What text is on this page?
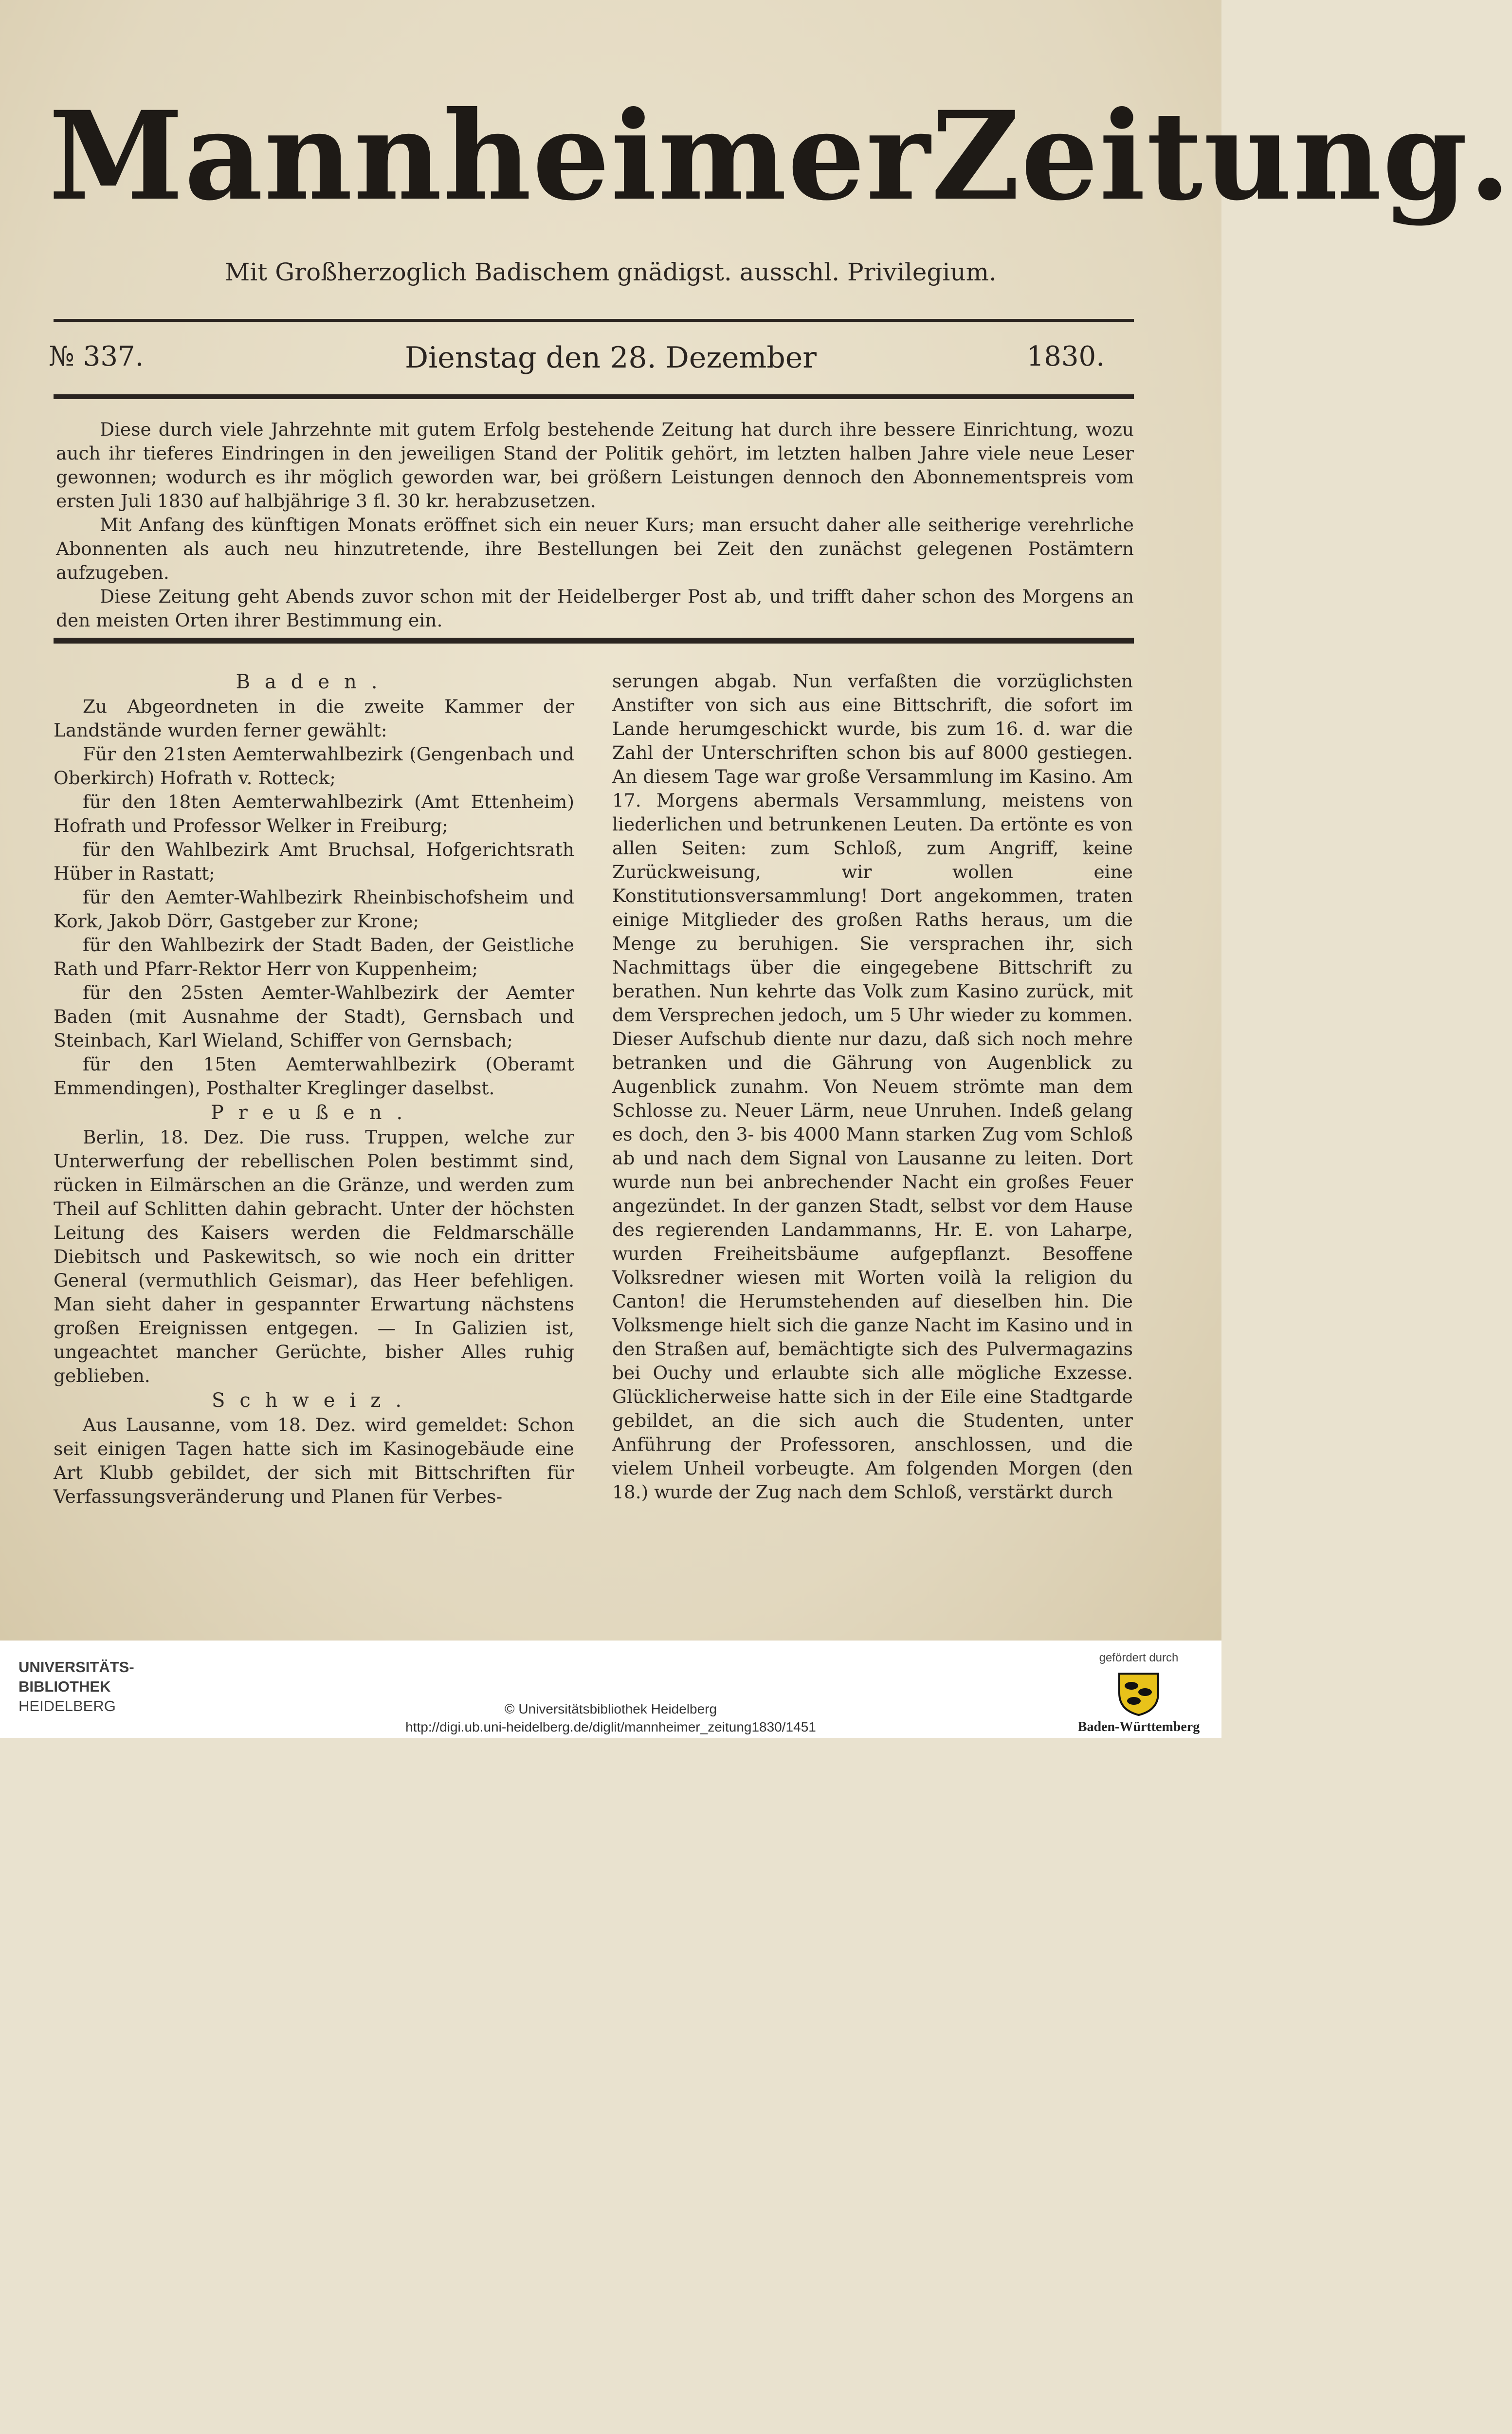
Mannheimer Zeitung.
Mit Großherzoglich Badischem gnädigst. ausschl. Privilegium.
№ 337.	Dienstag den 28. Dezember	1830.

Diese durch viele Jahrzehnte mit gutem Erfolg bestehende Zeitung hat durch ihre bessere Einrichtung, wozu auch ihr tieferes Eindringen in den jeweiligen Stand der Politik gehört, im letzten halben Jahre viele neue Leser gewonnen; wodurch es ihr möglich geworden war, bei größern Leistungen dennoch den Abonnementspreis vom ersten Juli 1830 auf halbjährige 3 fl. 30 kr. herabzusetzen.

Mit Anfang des künftigen Monats eröffnet sich ein neuer Kurs; man ersucht daher alle seitherige verehrliche Abonnenten als auch neu hinzutretende, ihre Bestellungen bei Zeit den zunächst gelegenen Postämtern aufzugeben.

Diese Zeitung geht Abends zuvor schon mit der Heidelberger Post ab, und trifft daher schon des Morgens an den meisten Orten ihrer Bestimmung ein.

Baden.

Zu Abgeordneten in die zweite Kammer der Landstände wurden ferner gewählt:

Für den 21sten Aemterwahlbezirk (Gengenbach und Oberkirch) Hofrath v. Rotteck;

für den 18ten Aemterwahlbezirk (Amt Ettenheim) Hofrath und Professor Welker in Freiburg;

für den Wahlbezirk Amt Bruchsal, Hofgerichtsrath Hüber in Rastatt;

für den Aemter-Wahlbezirk Rheinbischofsheim und Kork, Jakob Dörr, Gastgeber zur Krone;

für den Wahlbezirk der Stadt Baden, der Geistliche Rath und Pfarr-Rektor Herr von Kuppenheim;

für den 25sten Aemter-Wahlbezirk der Aemter Baden (mit Ausnahme der Stadt), Gernsbach und Steinbach, Karl Wieland, Schiffer von Gernsbach;

für den 15ten Aemterwahlbezirk (Oberamt Emmendingen), Posthalter Kreglinger daselbst.

Preußen.

Berlin, 18. Dez. Die russ. Truppen, welche zur Unterwerfung der rebellischen Polen bestimmt sind, rücken in Eilmärschen an die Gränze, und werden zum Theil auf Schlitten dahin gebracht. Unter der höchsten Leitung des Kaisers werden die Feldmarschälle Diebitsch und Paskewitsch, so wie noch ein dritter General (vermuthlich Geismar), das Heer befehligen. Man sieht daher in gespannter Erwartung nächstens großen Ereignissen entgegen. — In Galizien ist, ungeachtet mancher Gerüchte, bisher Alles ruhig geblieben.

Schweiz.

Aus Lausanne, vom 18. Dez. wird gemeldet: Schon seit einigen Tagen hatte sich im Kasinogebäude eine Art Klubb gebildet, der sich mit Bittschriften für Verfassungsveränderung und Planen für Verbes-

serungen abgab. Nun verfaßten die vorzüglichsten Anstifter von sich aus eine Bittschrift, die sofort im Lande herumgeschickt wurde, bis zum 16. d. war die Zahl der Unterschriften schon bis auf 8000 gestiegen. An diesem Tage war große Versammlung im Kasino. Am 17. Morgens abermals Versammlung, meistens von liederlichen und betrunkenen Leuten. Da ertönte es von allen Seiten: zum Schloß, zum Angriff, keine Zurückweisung, wir wollen eine Konstitutionsversammlung! Dort angekommen, traten einige Mitglieder des großen Raths heraus, um die Menge zu beruhigen. Sie versprachen ihr, sich Nachmittags über die eingegebene Bittschrift zu berathen. Nun kehrte das Volk zum Kasino zurück, mit dem Versprechen jedoch, um 5 Uhr wieder zu kommen. Dieser Aufschub diente nur dazu, daß sich noch mehre betranken und die Gährung von Augenblick zu Augenblick zunahm. Von Neuem strömte man dem Schlosse zu. Neuer Lärm, neue Unruhen. Indeß gelang es doch, den 3- bis 4000 Mann starken Zug vom Schloß ab und nach dem Signal von Lausanne zu leiten. Dort wurde nun bei anbrechender Nacht ein großes Feuer angezündet. In der ganzen Stadt, selbst vor dem Hause des regierenden Landammanns, Hr. E. von Laharpe, wurden Freiheitsbäume aufgepflanzt. Besoffene Volksredner wiesen mit Worten voilà la religion du Canton! die Herumstehenden auf dieselben hin. Die Volksmenge hielt sich die ganze Nacht im Kasino und in den Straßen auf, bemächtigte sich des Pulvermagazins bei Ouchy und erlaubte sich alle mögliche Exzesse. Glücklicherweise hatte sich in der Eile eine Stadtgarde gebildet, an die sich auch die Studenten, unter Anführung der Professoren, anschlossen, und die vielem Unheil vorbeugte. Am folgenden Morgen (den 18.) wurde der Zug nach dem Schloß, verstärkt durch

UNIVERSITÄTS-
BIBLIOTHEK
HEIDELBERG	© Universitätsbibliothek Heidelberg
http://digi.ub.uni-heidelberg.de/diglit/mannheimer_zeitung1830/1451
gefördert durch
Baden-Württemberg
